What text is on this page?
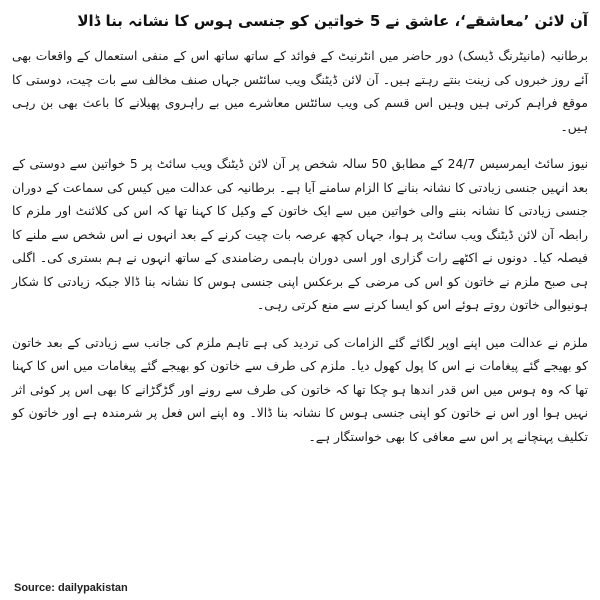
آن لائن ’معاشقے‘، عاشق نے 5 خواتین کو جنسی ہوس کا نشانہ بنا ڈالا

برطانیہ (مانیٹرنگ ڈیسک) دور حاضر میں انٹرنیٹ کے فوائد کے ساتھ ساتھ اس کے منفی استعمال کے واقعات بھی آئے روز خبروں کی زینت بنتے رہتے ہیں۔ آن لائن ڈیٹنگ ویب سائٹس جہاں صنف مخالف سے بات چیت، دوستی کا موقع فراہم کرتی ہیں وہیں اس قسم کی ویب سائٹس معاشرے میں بے راہروی پھیلانے کا باعث بھی بن رہی ہیں۔

نیوز سائٹ ایمرسیس 24/7 کے مطابق 50 سالہ شخص پر آن لائن ڈیٹنگ ویب سائٹ پر 5 خواتین سے دوستی کے بعد انہیں جنسی زیادتی کا نشانہ بنانے کا الزام سامنے آیا ہے۔ برطانیہ کی عدالت میں کیس کی سماعت کے دوران جنسی زیادتی کا نشانہ بننے والی خواتین میں سے ایک خاتون کے وکیل کا کہنا تھا کہ اس کی کلائنٹ اور ملزم کا رابطہ آن لائن ڈیٹنگ ویب سائٹ پر ہوا، جہاں کچھ عرصہ بات چیت کرنے کے بعد انہوں نے اس شخص سے ملنے کا فیصلہ کیا۔ دونوں نے اکٹھے رات گزاری اور اسی دوران باہمی رضامندی کے ساتھ انہوں نے ہم بستری کی۔ اگلی ہی صبح ملزم نے خاتون کو اس کی مرضی کے برعکس اپنی جنسی ہوس کا نشانہ بنا ڈالا جبکہ زیادتی کا شکار ہونیوالی خاتون روتے ہوئے اس کو ایسا کرنے سے منع کرتی رہی۔

ملزم نے عدالت میں اپنے اوپر لگائے گئے الزامات کی تردید کی ہے تاہم ملزم کی جانب سے زیادتی کے بعد خاتون کو بھیجے گئے پیغامات نے اس کا پول کھول دیا۔ ملزم کی طرف سے خاتون کو بھیجے گئے پیغامات میں اس کا کہنا تھا کہ وہ ہوس میں اس قدر اندھا ہو چکا تھا کہ خاتون کی طرف سے رونے اور گڑگڑانے کا بھی اس پر کوئی اثر نہیں ہوا اور اس نے خاتون کو اپنی جنسی ہوس کا نشانہ بنا ڈالا۔ وہ اپنے اس فعل پر شرمندہ ہے اور خاتون کو تکلیف پہنچانے پر اس سے معافی کا بھی خواستگار ہے۔

Source: dailypakistan
